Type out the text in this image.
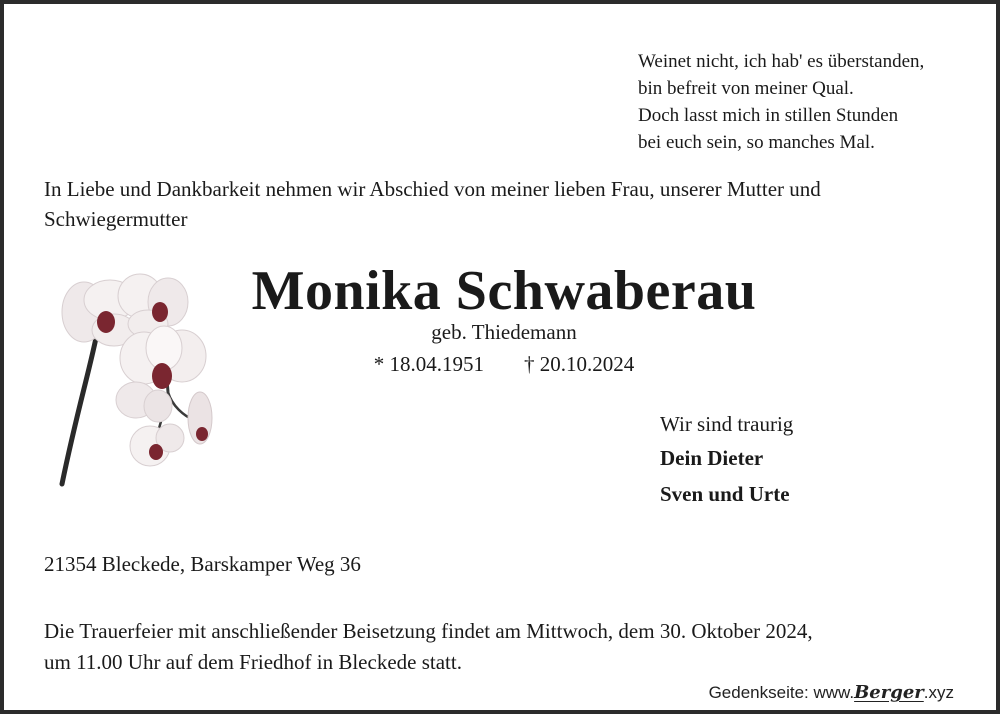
Weinet nicht, ich hab' es überstanden,
bin befreit von meiner Qual.
Doch lasst mich in stillen Stunden
bei euch sein, so manches Mal.
In Liebe und Dankbarkeit nehmen wir Abschied von meiner lieben Frau, unserer Mutter und
Schwiegermutter
Monika Schwaberau
geb. Thiedemann
* 18.04.1951 † 20.10.2024
Wir sind traurig
Dein Dieter
Sven und Urte
21354 Bleckede, Barskamper Weg 36
Die Trauerfeier mit anschließender Beisetzung findet am Mittwoch, dem 30. Oktober 2024,
um 11.00 Uhr auf dem Friedhof in Bleckede statt.
Gedenkseite: www.Berger.xyz
